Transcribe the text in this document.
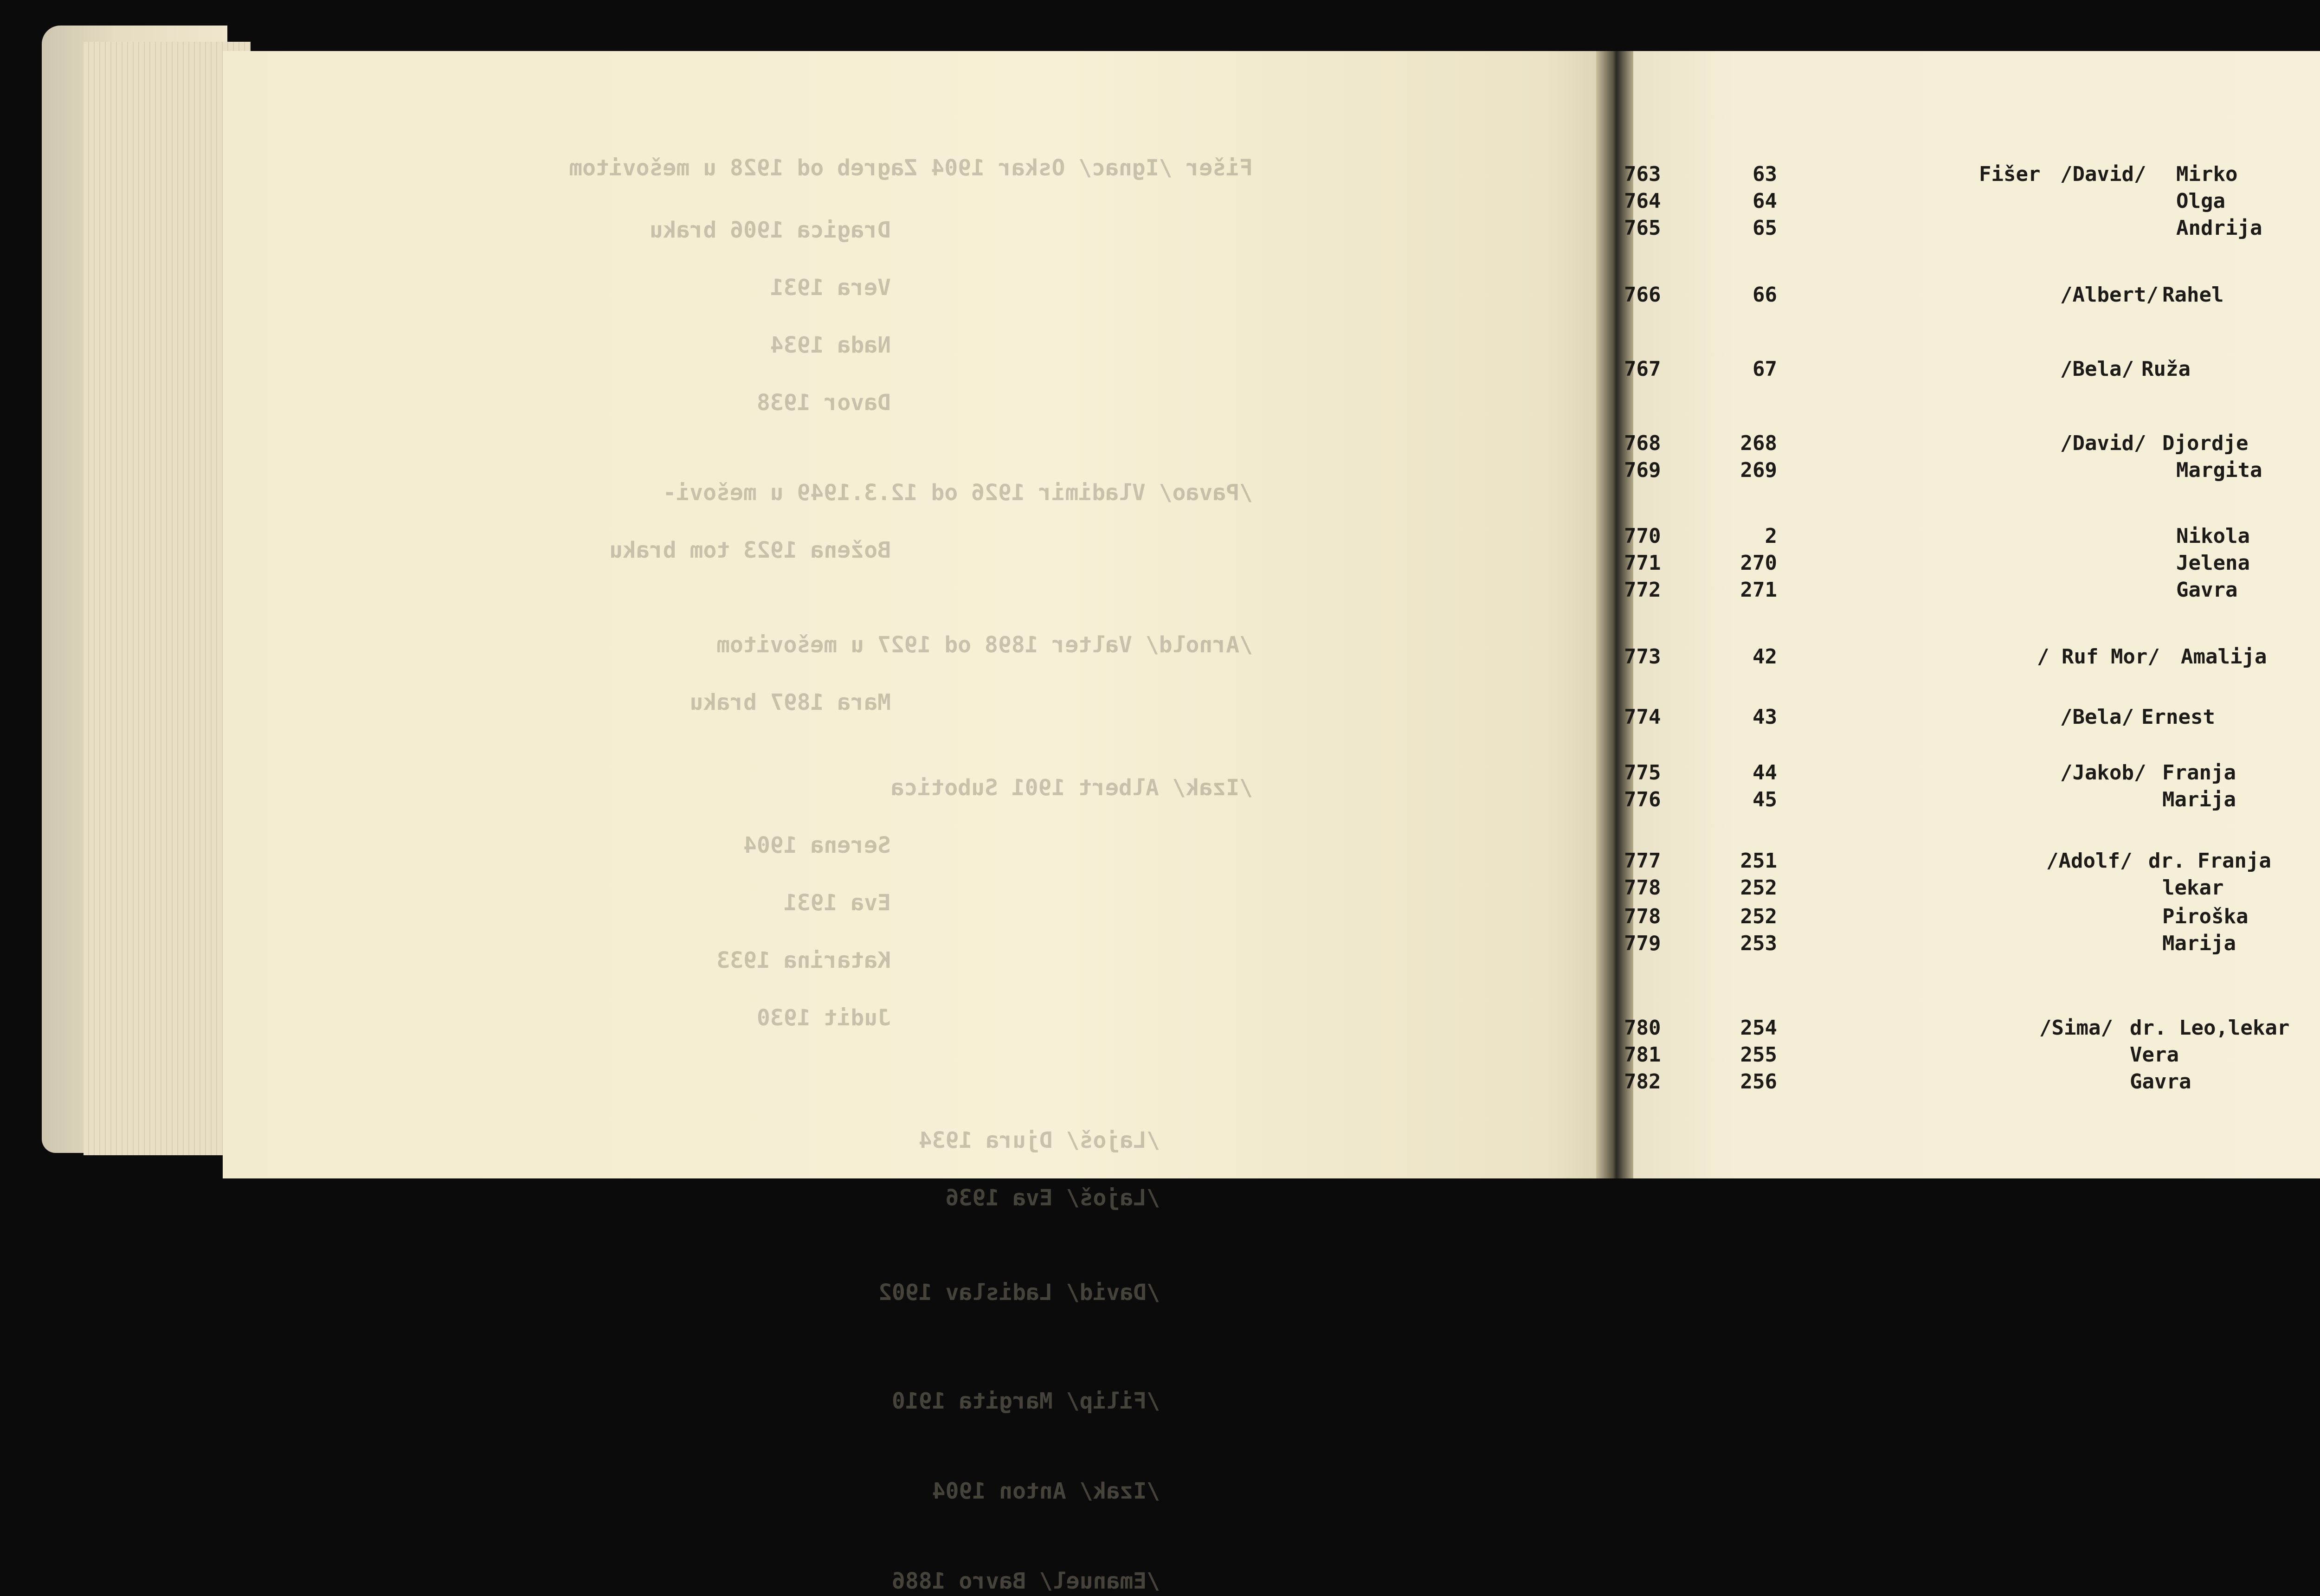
Fišer /Ignac/ Oskar 1904 Zagreb od 1928 u mešovitom
Dragica 1906 braku
Vera 1931
Nada 1934
Davor 1938
/Pavao/ Vladimir 1926 od 12.3.1949 u mešovi-
Božena 1923 tom braku
/Arnold/ Valter 1898 od 1927 u mešovitom
Mara 1897 braku
/Izak/ Albert 1901 Subotica
Serena 1904
Eva 1931
Katarina 1933
Judit 1930
/Lajoš/ Djura 1934
/Lajoš/ Eva 1936
/David/ Ladislav 1902
/Filip/ Margita 1910
/Izak/ Anton 1904
/Emanuel/ Bavro 1886
763	63	Fišer /David/ Mirko
764	64	Olga
765	65	Andrija
766	66	/Albert/ Rahel
767	67	/Bela/ Ruža
768	268	/David/ Djordje
769	269	Margita
770	2	Nikola
771	270	Jelena
772	271	Gavra
773	42	/ Ruf Mor/ Amalija
774	43	/Bela/ Ernest
775	44	/Jakob/ Franja
776	45	Marija
777	251	/Adolf/ dr. Franja
778	252	lekar
778	252	Piroška
779	253	Marija
780	254	/Sima/ dr. Leo,lekar
781	255	Vera
782	256	Gavra
